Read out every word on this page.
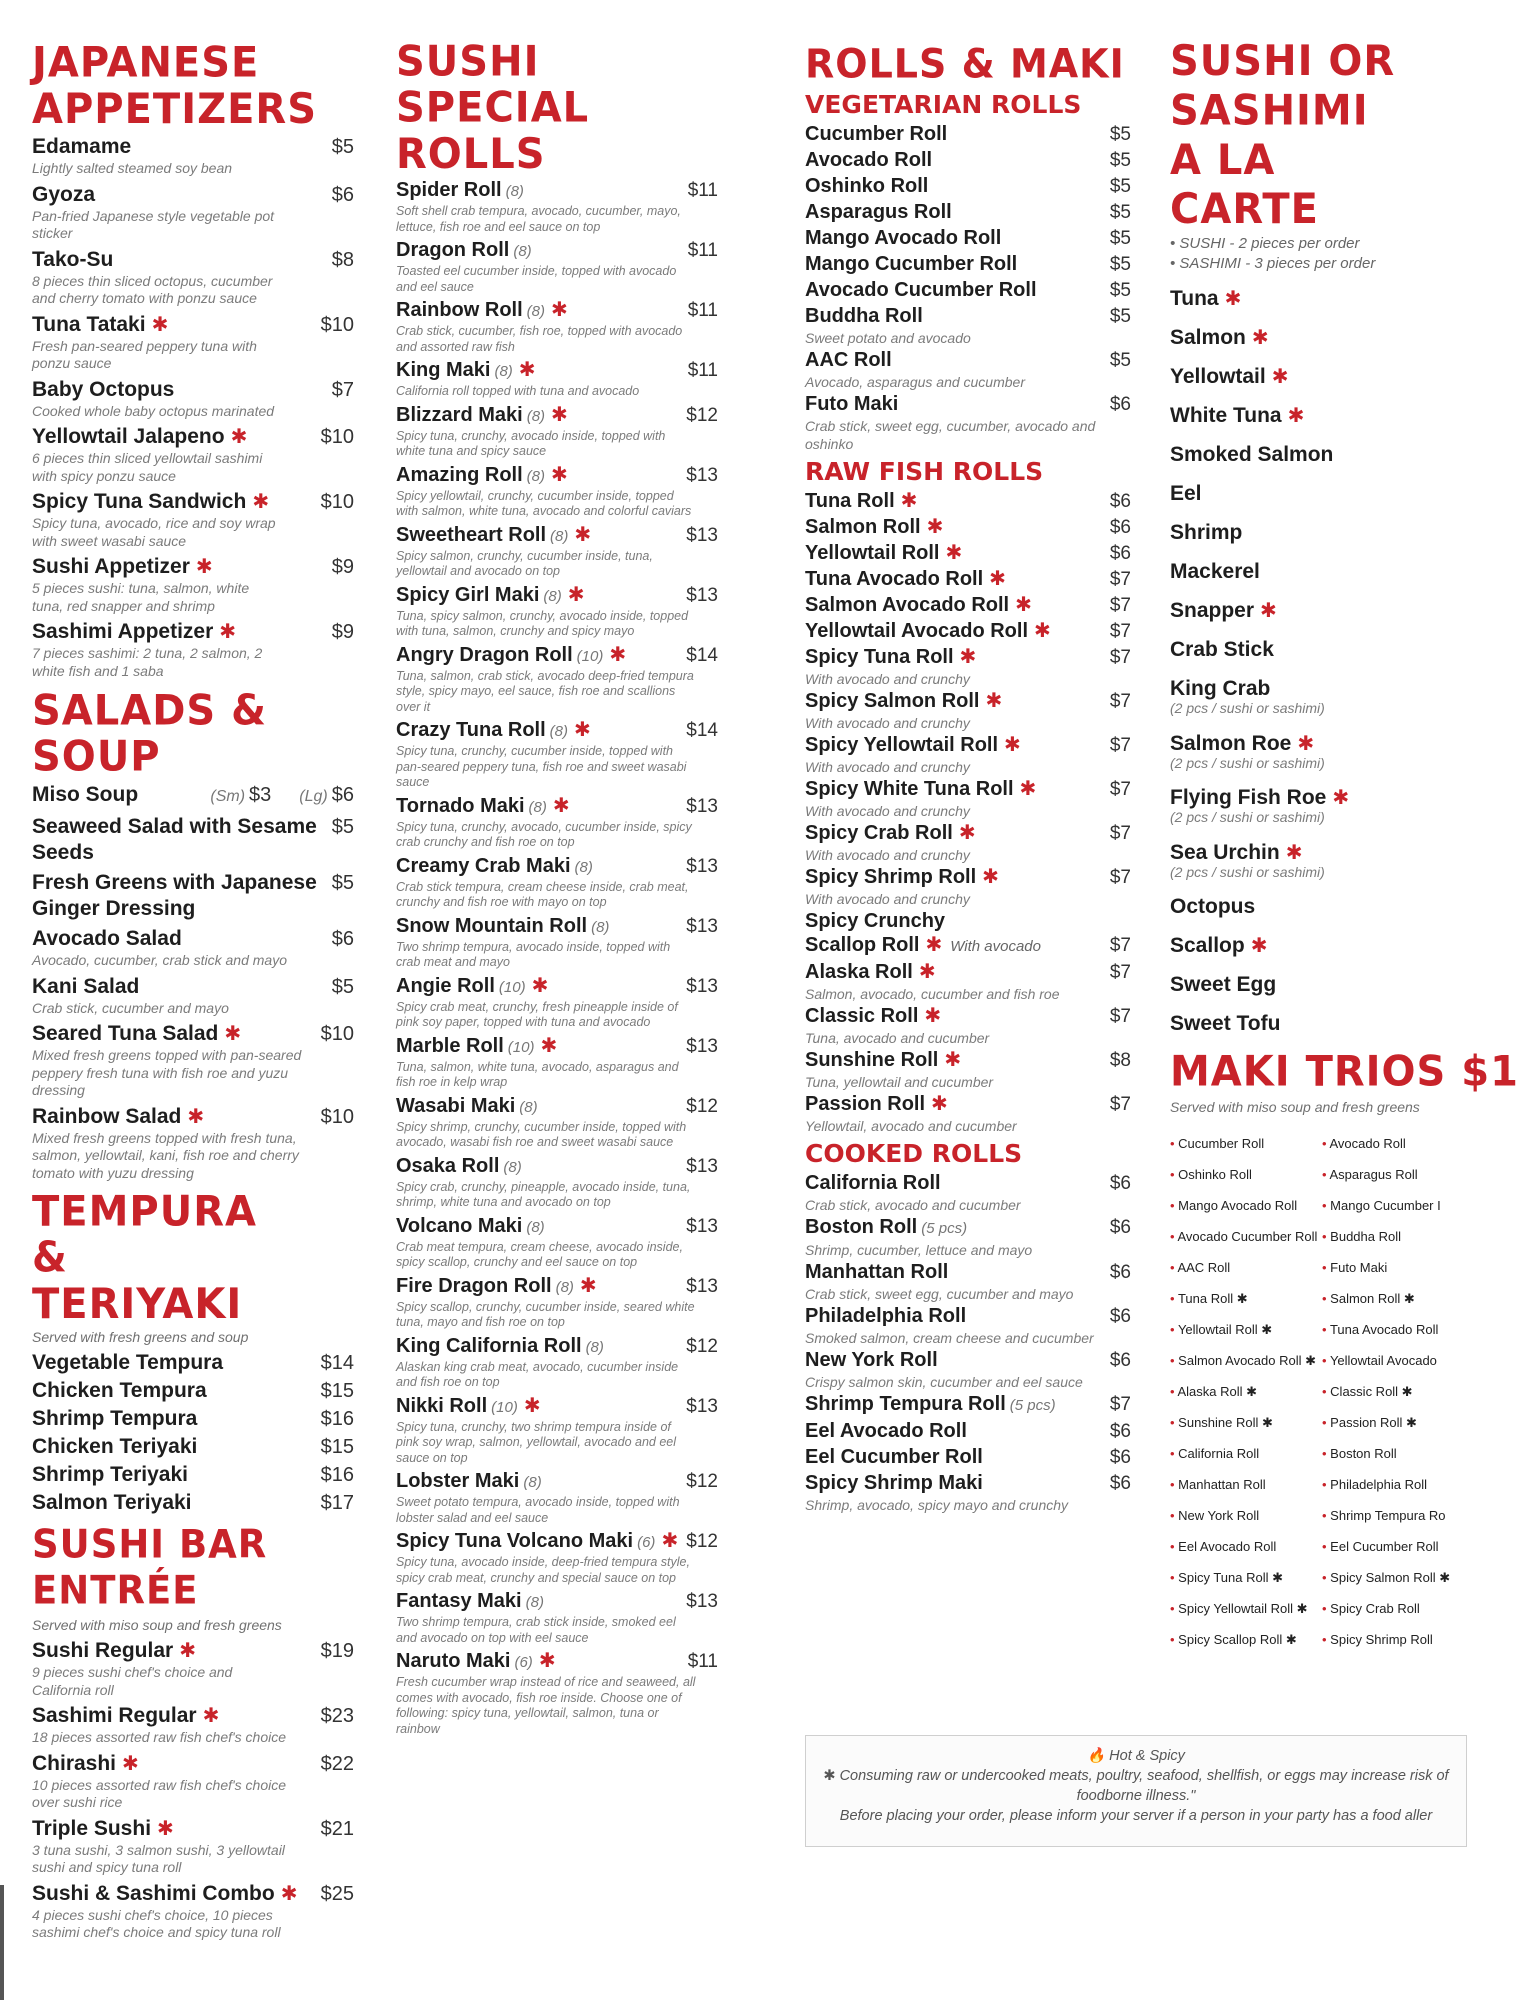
JAPANESE APPETIZERS
Edamame	$5
Lightly salted steamed soy bean
Gyoza	$6
Pan-fried Japanese style vegetable pot sticker
Tako-Su	$8
8 pieces thin sliced octopus, cucumber and cherry tomato with ponzu sauce
Tuna Tataki ✱	$10
Fresh pan-seared peppery tuna with ponzu sauce
Baby Octopus	$7
Cooked whole baby octopus marinated
Yellowtail Jalapeno ✱	$10
6 pieces thin sliced yellowtail sashimi with spicy ponzu sauce
Spicy Tuna Sandwich ✱	$10
Spicy tuna, avocado, rice and soy wrap with sweet wasabi sauce
Sushi Appetizer ✱	$9
5 pieces sushi: tuna, salmon, white tuna, red snapper and shrimp
Sashimi Appetizer ✱	$9
7 pieces sashimi: 2 tuna, 2 salmon, 2 white fish and 1 saba
SALADS & SOUP
Miso Soup	(Sm) $3 (Lg) $6
Seaweed Salad with Sesame Seeds
$5
Fresh Greens with Japanese Ginger Dressing
$5
Avocado Salad	$6
Avocado, cucumber, crab stick and mayo
Kani Salad	$5
Crab stick, cucumber and mayo
Seared Tuna Salad ✱	$10
Mixed fresh greens topped with pan-seared peppery fresh tuna with fish roe and yuzu dressing
Rainbow Salad ✱	$10
Mixed fresh greens topped with fresh tuna, salmon, yellowtail, kani, fish roe and cherry tomato with yuzu dressing
TEMPURA & TERIYAKI
Served with fresh greens and soup
Vegetable Tempura	$14
Chicken Tempura	$15
Shrimp Tempura	$16
Chicken Teriyaki	$15
Shrimp Teriyaki	$16
Salmon Teriyaki	$17
SUSHI BAR ENTRÉE
Served with miso soup and fresh greens
Sushi Regular ✱	$19
9 pieces sushi chef's choice and California roll
Sashimi Regular ✱	$23
18 pieces assorted raw fish chef's choice
Chirashi ✱	$22
10 pieces assorted raw fish chef's choice over sushi rice
Triple Sushi ✱	$21
3 tuna sushi, 3 salmon sushi, 3 yellowtail sushi and spicy tuna roll
Sushi & Sashimi Combo ✱ $25
4 pieces sushi chef's choice, 10 pieces sashimi chef's choice and spicy tuna roll
SUSHI SPECIAL ROLLS
Spider Roll (8)	$11
Soft shell crab tempura, avocado, cucumber, mayo, lettuce, fish roe and eel sauce on top
Dragon Roll (8)	$11
Toasted eel cucumber inside, topped with avocado and eel sauce
Rainbow Roll (8) ✱	$11
Crab stick, cucumber, fish roe, topped with avocado and assorted raw fish
King Maki (8) ✱	$11
California roll topped with tuna and avocado
Blizzard Maki (8) ✱	$12
Spicy tuna, crunchy, avocado inside, topped with white tuna and spicy sauce
Amazing Roll (8) ✱	$13
Spicy yellowtail, crunchy, cucumber inside, topped with salmon, white tuna, avocado and colorful caviars
Sweetheart Roll (8) ✱	$13
Spicy salmon, crunchy, cucumber inside, tuna, yellowtail and avocado on top
Spicy Girl Maki (8) ✱	$13
Tuna, spicy salmon, crunchy, avocado inside, topped with tuna, salmon, crunchy and spicy mayo
Angry Dragon Roll (10) ✱	$14
Tuna, salmon, crab stick, avocado deep-fried tempura style, spicy mayo, eel sauce, fish roe and scallions over it
Crazy Tuna Roll (8) ✱	$14
Spicy tuna, crunchy, cucumber inside, topped with pan-seared peppery tuna, fish roe and sweet wasabi sauce
Tornado Maki (8) ✱	$13
Spicy tuna, crunchy, avocado, cucumber inside, spicy crab crunchy and fish roe on top
Creamy Crab Maki (8)	$13
Crab stick tempura, cream cheese inside, crab meat, crunchy and fish roe with mayo on top
Snow Mountain Roll (8)	$13
Two shrimp tempura, avocado inside, topped with crab meat and mayo
Angie Roll (10) ✱	$13
Spicy crab meat, crunchy, fresh pineapple inside of pink soy paper, topped with tuna and avocado
Marble Roll (10) ✱	$13
Tuna, salmon, white tuna, avocado, asparagus and fish roe in kelp wrap
Wasabi Maki (8)	$12
Spicy shrimp, crunchy, cucumber inside, topped with avocado, wasabi fish roe and sweet wasabi sauce
Osaka Roll (8)	$13
Spicy crab, crunchy, pineapple, avocado inside, tuna, shrimp, white tuna and avocado on top
Volcano Maki (8)	$13
Crab meat tempura, cream cheese, avocado inside, spicy scallop, crunchy and eel sauce on top
Fire Dragon Roll (8) ✱	$13
Spicy scallop, crunchy, cucumber inside, seared white tuna, mayo and fish roe on top
King California Roll (8)	$12
Alaskan king crab meat, avocado, cucumber inside and fish roe on top
Nikki Roll (10) ✱	$13
Spicy tuna, crunchy, two shrimp tempura inside of pink soy wrap, salmon, yellowtail, avocado and eel sauce on top
Lobster Maki (8)	$12
Sweet potato tempura, avocado inside, topped with lobster salad and eel sauce
Spicy Tuna Volcano Maki (6) ✱ $12
Spicy tuna, avocado inside, deep-fried tempura style, spicy crab meat, crunchy and special sauce on top
Fantasy Maki (8)	$13
Two shrimp tempura, crab stick inside, smoked eel and avocado on top with eel sauce
Naruto Maki (6) ✱	$11
Fresh cucumber wrap instead of rice and seaweed, all comes with avocado, fish roe inside. Choose one of following: spicy tuna, yellowtail, salmon, tuna or rainbow
ROLLS & MAKI
VEGETARIAN ROLLS
Cucumber Roll	$5
Avocado Roll	$5
Oshinko Roll	$5
Asparagus Roll	$5
Mango Avocado Roll	$5
Mango Cucumber Roll	$5
Avocado Cucumber Roll	$5
Buddha Roll	$5
Sweet potato and avocado
AAC Roll	$5
Avocado, asparagus and cucumber
Futo Maki	$6
Crab stick, sweet egg, cucumber, avocado and oshinko
RAW FISH ROLLS
Tuna Roll ✱	$6
Salmon Roll ✱	$6
Yellowtail Roll ✱	$6
Tuna Avocado Roll ✱	$7
Salmon Avocado Roll ✱	$7
Yellowtail Avocado Roll ✱	$7
Spicy Tuna Roll ✱	$7
With avocado and crunchy
Spicy Salmon Roll ✱	$7
With avocado and crunchy
Spicy Yellowtail Roll ✱	$7
With avocado and crunchy
Spicy White Tuna Roll ✱	$7
With avocado and crunchy
Spicy Crab Roll ✱	$7
With avocado and crunchy
Spicy Shrimp Roll ✱	$7
With avocado and crunchy
Spicy Crunchy
Scallop Roll ✱ With avocado	$7
Alaska Roll ✱	$7
Salmon, avocado, cucumber and fish roe
Classic Roll ✱	$7
Tuna, avocado and cucumber
Sunshine Roll ✱	$8
Tuna, yellowtail and cucumber
Passion Roll ✱	$7
Yellowtail, avocado and cucumber
COOKED ROLLS
California Roll	$6
Crab stick, avocado and cucumber
Boston Roll (5 pcs)	$6
Shrimp, cucumber, lettuce and mayo
Manhattan Roll	$6
Crab stick, sweet egg, cucumber and mayo
Philadelphia Roll	$6
Smoked salmon, cream cheese and cucumber
New York Roll	$6
Crispy salmon skin, cucumber and eel sauce
Shrimp Tempura Roll (5 pcs)	$7
Eel Avocado Roll	$6
Eel Cucumber Roll	$6
Spicy Shrimp Maki	$6
Shrimp, avocado, spicy mayo and crunchy
SUSHI OR SASHIMI A LA CARTE
• SUSHI - 2 pieces per order
• SASHIMI - 3 pieces per order
Tuna ✱
Salmon ✱
Yellowtail ✱
White Tuna ✱
Smoked Salmon
Eel
Shrimp
Mackerel
Snapper ✱
Crab Stick
King Crab
(2 pcs / sushi or sashimi)
Salmon Roe ✱
(2 pcs / sushi or sashimi)
Flying Fish Roe ✱
(2 pcs / sushi or sashimi)
Sea Urchin ✱
(2 pcs / sushi or sashimi)
Octopus
Scallop ✱
Sweet Egg
Sweet Tofu
MAKI TRIOS $1
Served with miso soup and fresh greens
• Cucumber Roll	• Avocado Roll
• Oshinko Roll	• Asparagus Roll
• Mango Avocado Roll	• Mango Cucumber I
• Avocado Cucumber Roll • Buddha Roll
• AAC Roll	• Futo Maki
• Tuna Roll ✱	• Salmon Roll ✱
• Yellowtail Roll ✱	• Tuna Avocado Roll
• Salmon Avocado Roll ✱	• Yellowtail Avocado
• Alaska Roll ✱	• Classic Roll ✱
• Sunshine Roll ✱	• Passion Roll ✱
• California Roll	• Boston Roll
• Manhattan Roll	• Philadelphia Roll
• New York Roll	• Shrimp Tempura Ro
• Eel Avocado Roll	• Eel Cucumber Roll
• Spicy Tuna Roll ✱	• Spicy Salmon Roll ✱
• Spicy Yellowtail Roll ✱	• Spicy Crab Roll
• Spicy Scallop Roll ✱	• Spicy Shrimp Roll

🔥 Hot & Spicy

✱ Consuming raw or undercooked meats, poultry, seafood, shellfish, or eggs may increase risk of foodborne illness."

Before placing your order, please inform your server if a person in your party has a food aller
